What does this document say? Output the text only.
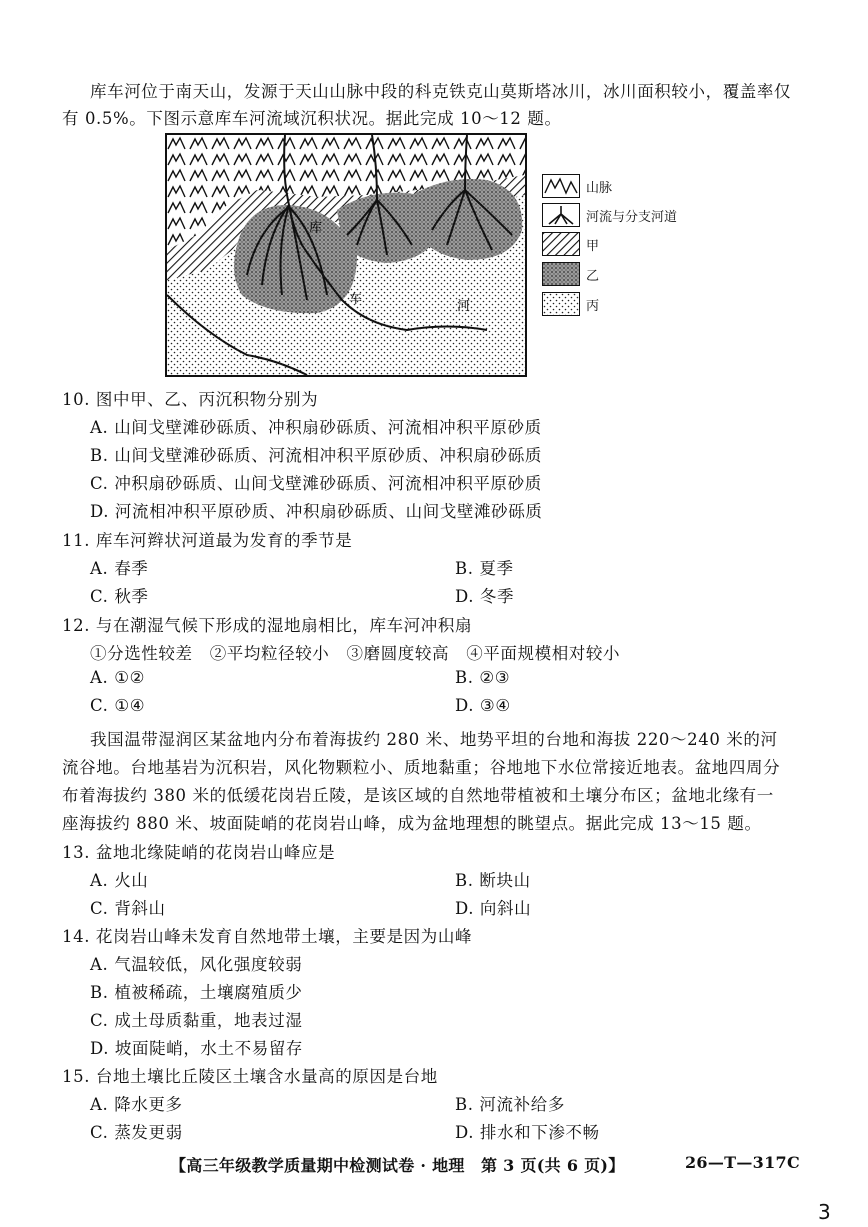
库车河位于南天山，发源于天山山脉中段的科克铁克山莫斯塔冰川，冰川面积较小，覆盖率仅
有 0.5%。下图示意库车河流域沉积状况。据此完成 10～12 题。
库
车	河
山脉
河流与分支河道
甲
乙
丙
10. 图中甲、乙、丙沉积物分别为
A. 山间戈壁滩砂砾质、冲积扇砂砾质、河流相冲积平原砂质
B. 山间戈壁滩砂砾质、河流相冲积平原砂质、冲积扇砂砾质
C. 冲积扇砂砾质、山间戈壁滩砂砾质、河流相冲积平原砂质
D. 河流相冲积平原砂质、冲积扇砂砾质、山间戈壁滩砂砾质
11. 库车河辫状河道最为发育的季节是
A. 春季	B. 夏季
C. 秋季	D. 冬季
12. 与在潮湿气候下形成的湿地扇相比，库车河冲积扇
①分选性较差　②平均粒径较小　③磨圆度较高　④平面规模相对较小
A. ①②	B. ②③
C. ①④	D. ③④
我国温带湿润区某盆地内分布着海拔约 280 米、地势平坦的台地和海拔 220～240 米的河
流谷地。台地基岩为沉积岩，风化物颗粒小、质地黏重；谷地地下水位常接近地表。盆地四周分
布着海拔约 380 米的低缓花岗岩丘陵，是该区域的自然地带植被和土壤分布区；盆地北缘有一
座海拔约 880 米、坡面陡峭的花岗岩山峰，成为盆地理想的眺望点。据此完成 13～15 题。
13. 盆地北缘陡峭的花岗岩山峰应是
A. 火山	B. 断块山
C. 背斜山	D. 向斜山
14. 花岗岩山峰未发育自然地带土壤，主要是因为山峰
A. 气温较低，风化强度较弱
B. 植被稀疏，土壤腐殖质少
C. 成土母质黏重，地表过湿
D. 坡面陡峭，水土不易留存
15. 台地土壤比丘陵区土壤含水量高的原因是台地
A. 降水更多	B. 河流补给多
C. 蒸发更弱	D. 排水和下渗不畅
【高三年级教学质量期中检测试卷 · 地理　第 3 页(共 6 页)】	26—T—317C
3
